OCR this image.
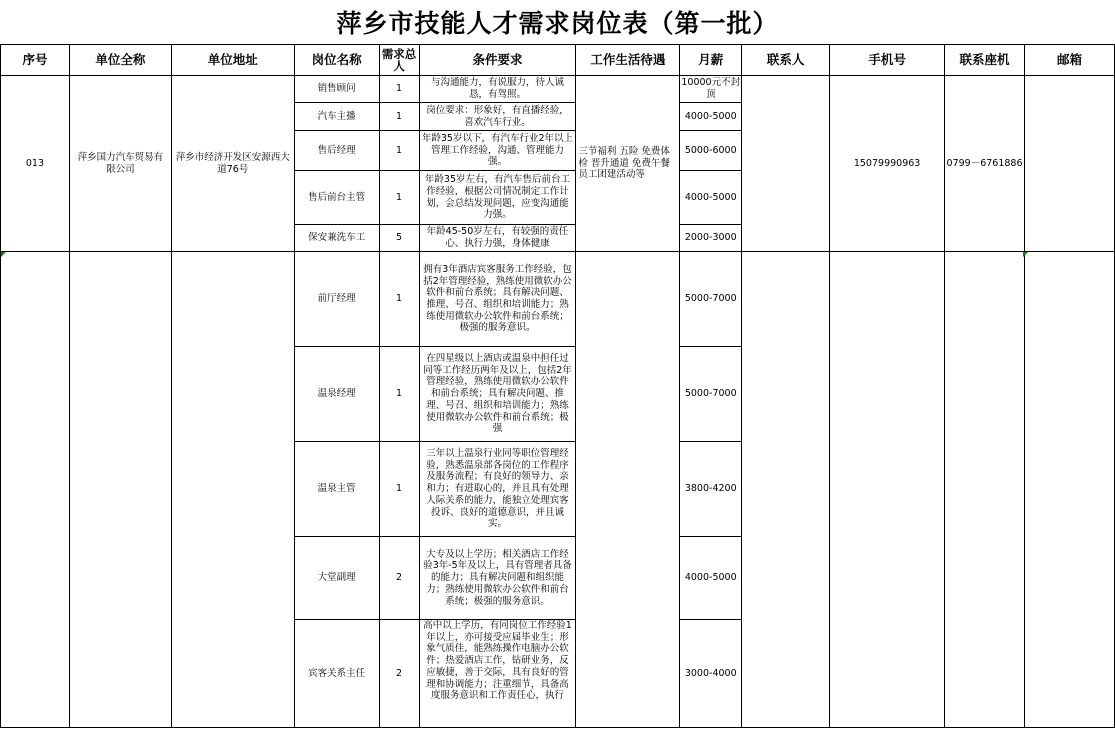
萍乡市技能人才需求岗位表（第一批）
序号	单位全称	单位地址	岗位名称	需求总人	条件要求	工作生活待遇	月薪	联系人	手机号	联系座机	邮箱
013	萍乡国力汽车贸易有限公司	萍乡市经济开发区安源西大道76号	销售顾问	1	与沟通能力，有说服力，待人诚恳，有驾照。	三节福利 五险 免费体检 晋升通道 免费午餐 员工团建活动等	10000元不封顶		15079990963	0799－6761886	
			汽车主播	1	岗位要求：形象好，有直播经验，喜欢汽车行业。		4000-5000				
			售后经理	1	年龄35岁以下，有汽车行业2年以上管理工作经验，沟通、管理能力强。		5000-6000				
			售后前台主管	1	年龄35岁左右，有汽车售后前台工作经验，根据公司情况制定工作计划，会总结发现问题，应变沟通能力强。		4000-5000				
			保安兼洗车工	5	年龄45-50岁左右，有较强的责任心、执行力强，身体健康		2000-3000				
			前厅经理	1	拥有3年酒店宾客服务工作经验，包括2年管理经验，熟练使用微软办公软件和前台系统；具有解决问题、推理、号召、组织和培训能力；熟练使用微软办公软件和前台系统；极强的服务意识。		5000-7000				
			温泉经理	1	在四星级以上酒店或温泉中担任过同等工作经历两年及以上，包括2年管理经验，熟练使用微软办公软件和前台系统；具有解决问题、推理、号召、组织和培训能力；熟练使用微软办公软件和前台系统；极强		5000-7000				
			温泉主管	1	三年以上温泉行业同等职位管理经验，熟悉温泉部各岗位的工作程序及服务流程；有良好的领导力、亲和力；有进取心的，并且具有处理人际关系的能力，能独立处理宾客投诉、良好的道德意识，并且诚实。		3800-4200				
			大堂副理	2	大专及以上学历；相关酒店工作经验3年-5年及以上，具有管理者具备的能力；具有解决问题和组织能力；熟练使用微软办公软件和前台系统；极强的服务意识。		4000-5000				
			宾客关系主任	2	高中以上学历，有同岗位工作经验1年以上，亦可接受应届毕业生；形象气质佳，能熟练操作电脑办公软件；热爱酒店工作，钻研业务，反应敏捷，善于交际，具有良好的管理和协调能力；注重细节，具备高度服务意识和工作责任心，执行		3000-4000				
